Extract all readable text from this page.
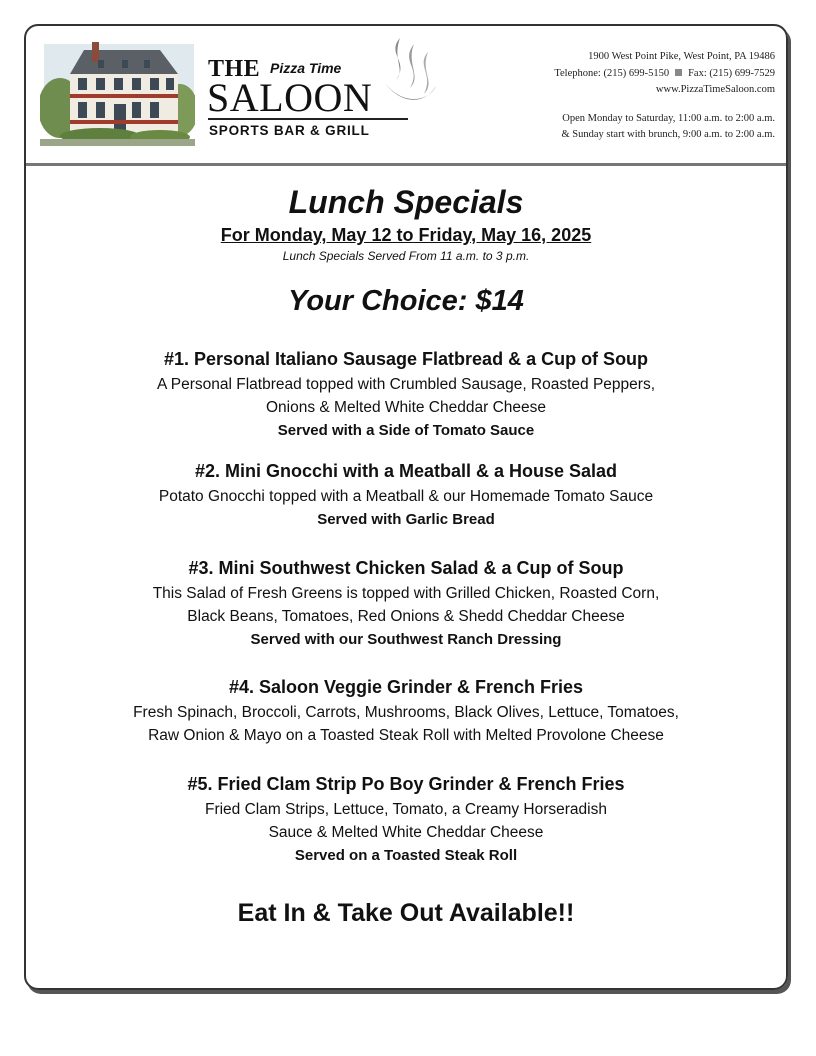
THE Pizza Time
SALOON
SPORTS BAR & GRILL
1900 West Point Pike, West Point, PA 19486
Telephone: (215) 699-5150 Fax: (215) 699-7529
www.PizzaTimeSaloon.com
Open Monday to Saturday, 11:00 a.m. to 2:00 a.m.
& Sunday start with brunch, 9:00 a.m. to 2:00 a.m.
Lunch Specials
For Monday, May 12 to Friday, May 16, 2025
Lunch Specials Served From 11 a.m. to 3 p.m.
Your Choice: $14
#1. Personal Italiano Sausage Flatbread & a Cup of Soup
A Personal Flatbread topped with Crumbled Sausage, Roasted Peppers,
Onions & Melted White Cheddar Cheese
Served with a Side of Tomato Sauce
#2. Mini Gnocchi with a Meatball & a House Salad
Potato Gnocchi topped with a Meatball & our Homemade Tomato Sauce
Served with Garlic Bread
#3. Mini Southwest Chicken Salad & a Cup of Soup
This Salad of Fresh Greens is topped with Grilled Chicken, Roasted Corn,
Black Beans, Tomatoes, Red Onions & Shedd Cheddar Cheese
Served with our Southwest Ranch Dressing
#4. Saloon Veggie Grinder & French Fries
Fresh Spinach, Broccoli, Carrots, Mushrooms, Black Olives, Lettuce, Tomatoes,
Raw Onion & Mayo on a Toasted Steak Roll with Melted Provolone Cheese
#5. Fried Clam Strip Po Boy Grinder & French Fries
Fried Clam Strips, Lettuce, Tomato, a Creamy Horseradish
Sauce & Melted White Cheddar Cheese
Served on a Toasted Steak Roll
Eat In & Take Out Available!!
